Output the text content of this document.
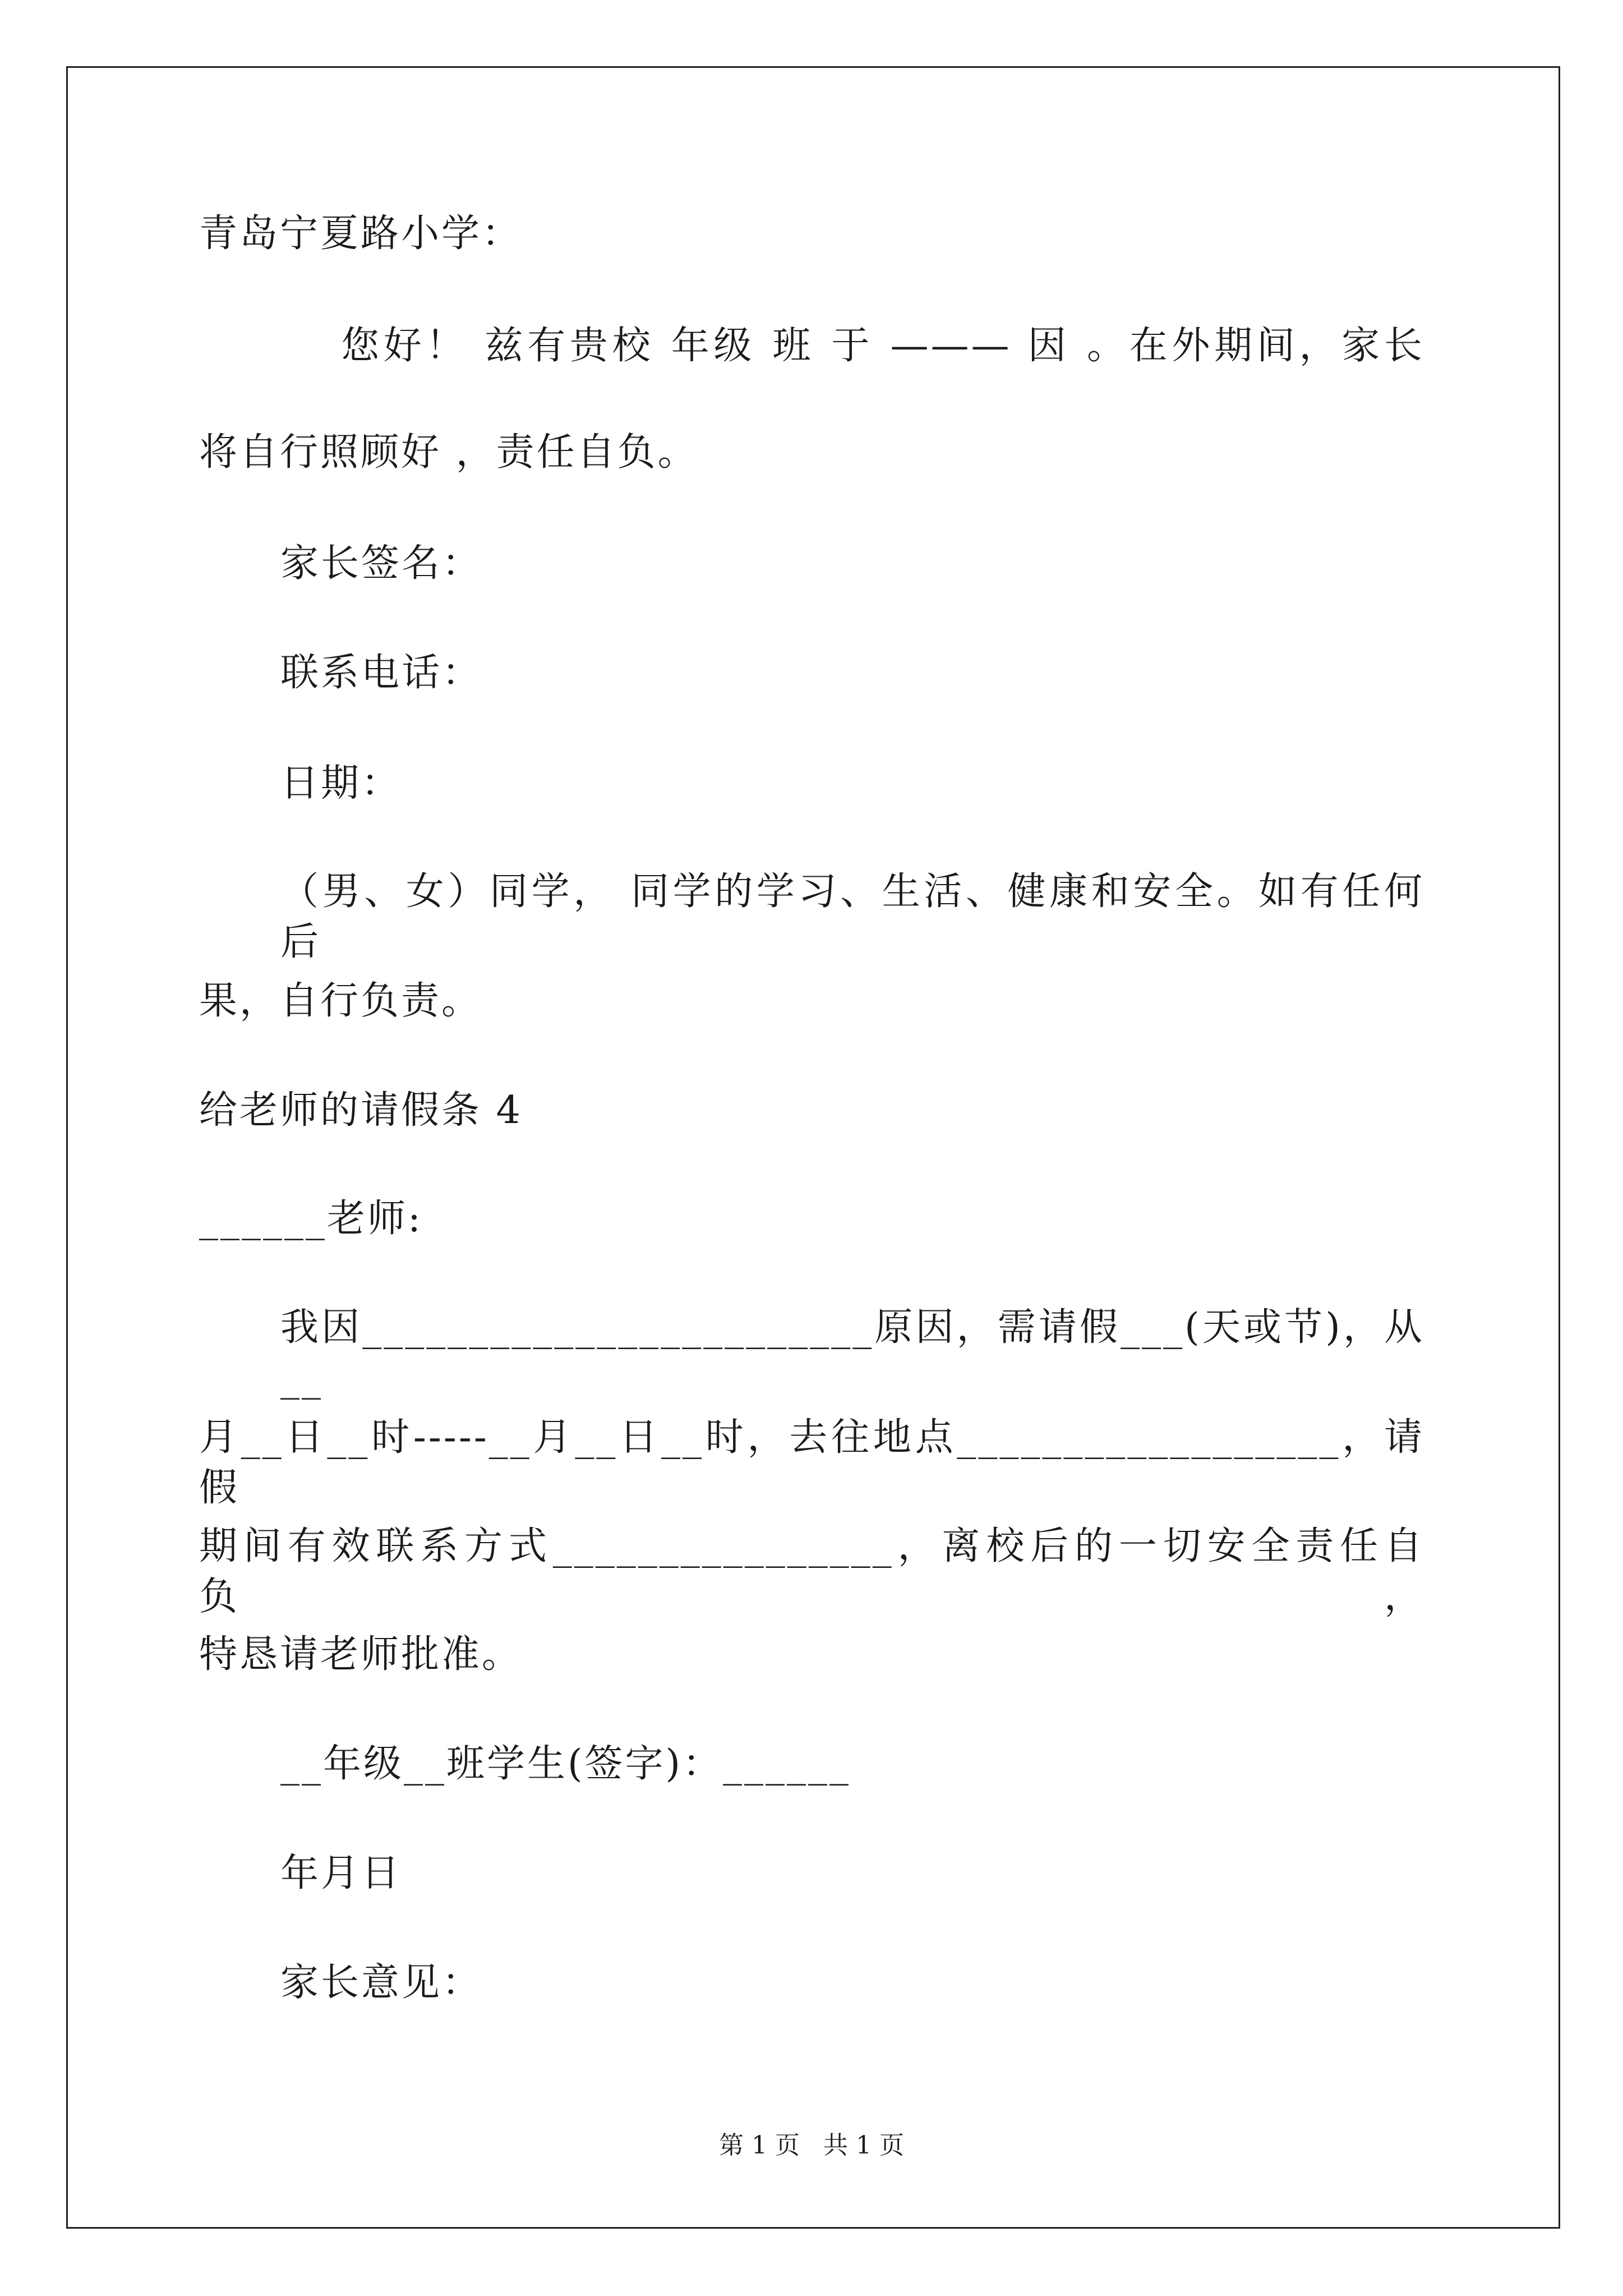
青岛宁夏路小学：
您好！ 兹有贵校 年级 班 于 ——— 因 。在外期间，家长
将自行照顾好 ，责任自负。
家长签名：
联系电话：
日期：
（男、女）同学， 同学的学习、生活、健康和安全。如有任何后
果，自行负责。
给老师的请假条 4
______老师:
我因________________________原因，需请假___(天或节)，从__
月__日__时-----__月__日__时，去往地点__________________，请假
期间有效联系方式________________，离校后的一切安全责任自负，
特恳请老师批准。
__年级__班学生(签字)：______
年月日
家长意见：
第 1 页   共 1 页
